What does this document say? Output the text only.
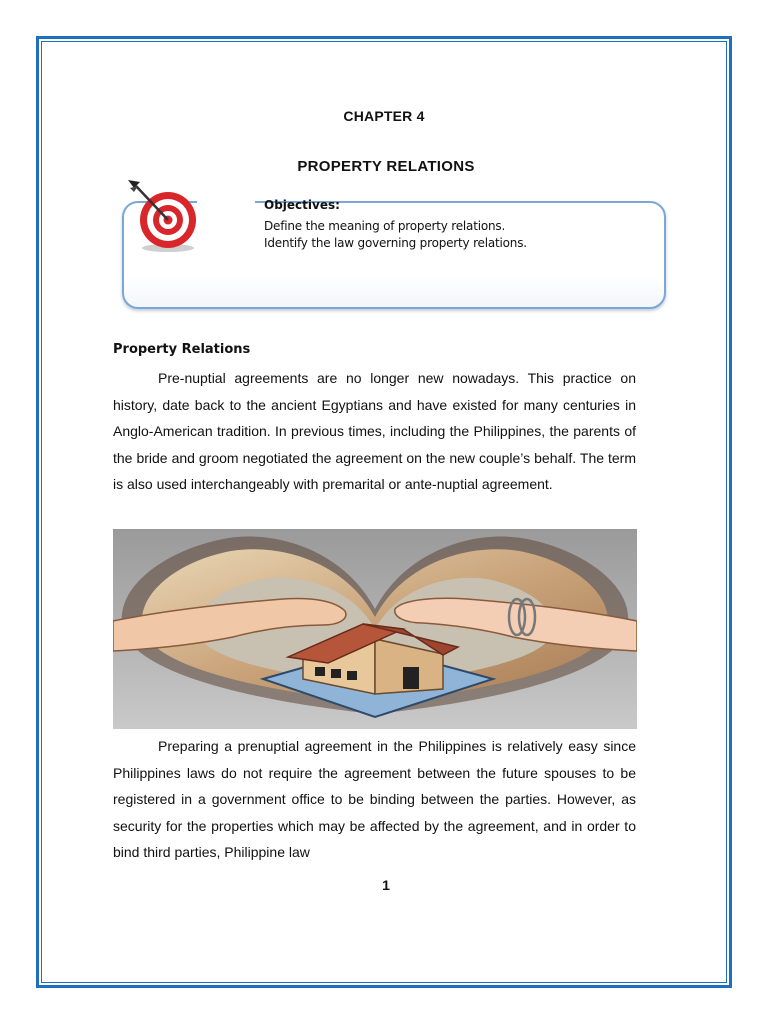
CHAPTER 4
PROPERTY RELATIONS
Objectives:
Define the meaning of property relations.
Identify the law governing property relations.
Property Relations

Pre-nuptial agreements are no longer new nowadays. This practice on history, date back to the ancient Egyptians and have existed for many centuries in Anglo-American tradition. In previous times, including the Philippines, the parents of the bride and groom negotiated the agreement on the new couple’s behalf. The term is also used interchangeably with premarital or ante-nuptial agreement.

Preparing a prenuptial agreement in the Philippines is relatively easy since Philippines laws do not require the agreement between the future spouses to be registered in a government office to be binding between the parties. However, as security for the properties which may be affected by the agreement, and in order to bind third parties, Philippine law

1
